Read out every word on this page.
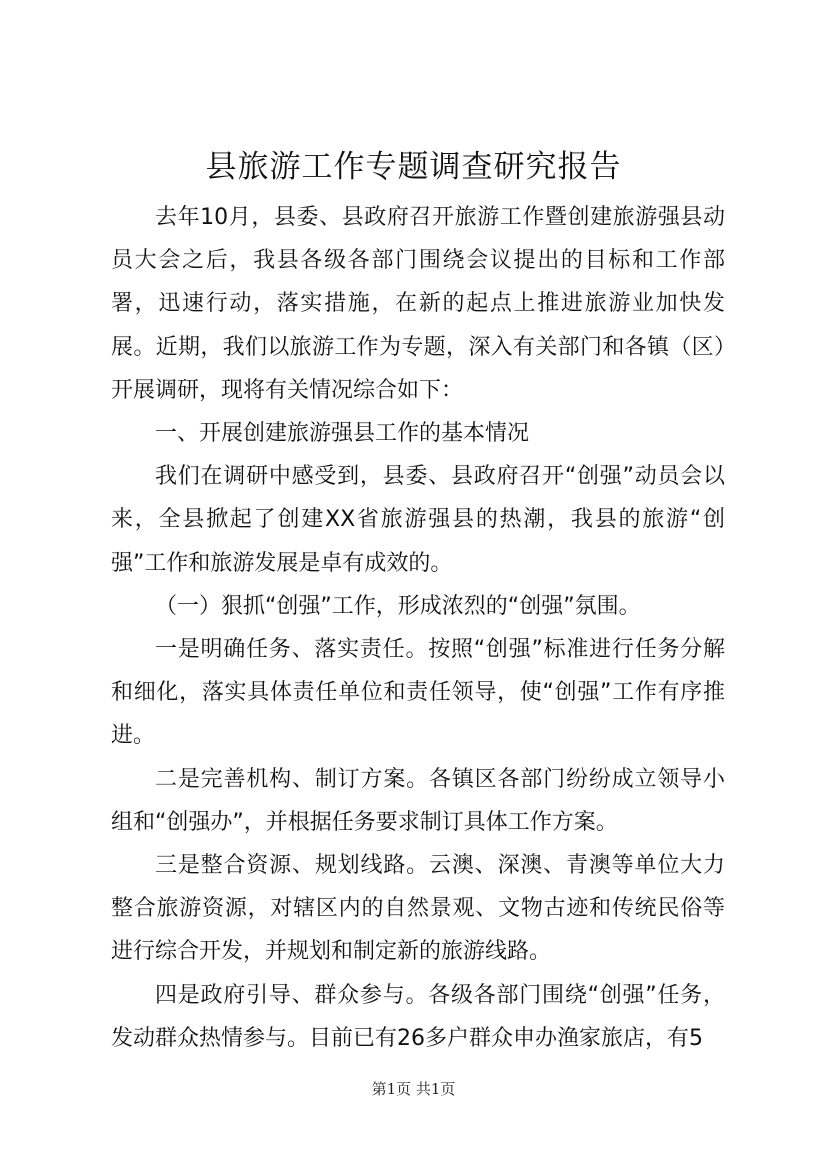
县旅游工作专题调查研究报告

去年10月，县委、县政府召开旅游工作暨创建旅游强县动员大会之后，我县各级各部门围绕会议提出的目标和工作部署，迅速行动，落实措施，在新的起点上推进旅游业加快发展。近期，我们以旅游工作为专题，深入有关部门和各镇（区）开展调研，现将有关情况综合如下：

一、开展创建旅游强县工作的基本情况

我们在调研中感受到，县委、县政府召开“创强”动员会以来，全县掀起了创建XX省旅游强县的热潮，我县的旅游“创强”工作和旅游发展是卓有成效的。

（一）狠抓“创强”工作，形成浓烈的“创强”氛围。

一是明确任务、落实责任。按照“创强”标准进行任务分解和细化，落实具体责任单位和责任领导，使“创强”工作有序推进。

二是完善机构、制订方案。各镇区各部门纷纷成立领导小组和“创强办”，并根据任务要求制订具体工作方案。

三是整合资源、规划线路。云澳、深澳、青澳等单位大力整合旅游资源，对辖区内的自然景观、文物古迹和传统民俗等进行综合开发，并规划和制定新的旅游线路。

四是政府引导、群众参与。各级各部门围绕“创强”任务，发动群众热情参与。目前已有26多户群众申办渔家旅店，有5

第1页 共1页
